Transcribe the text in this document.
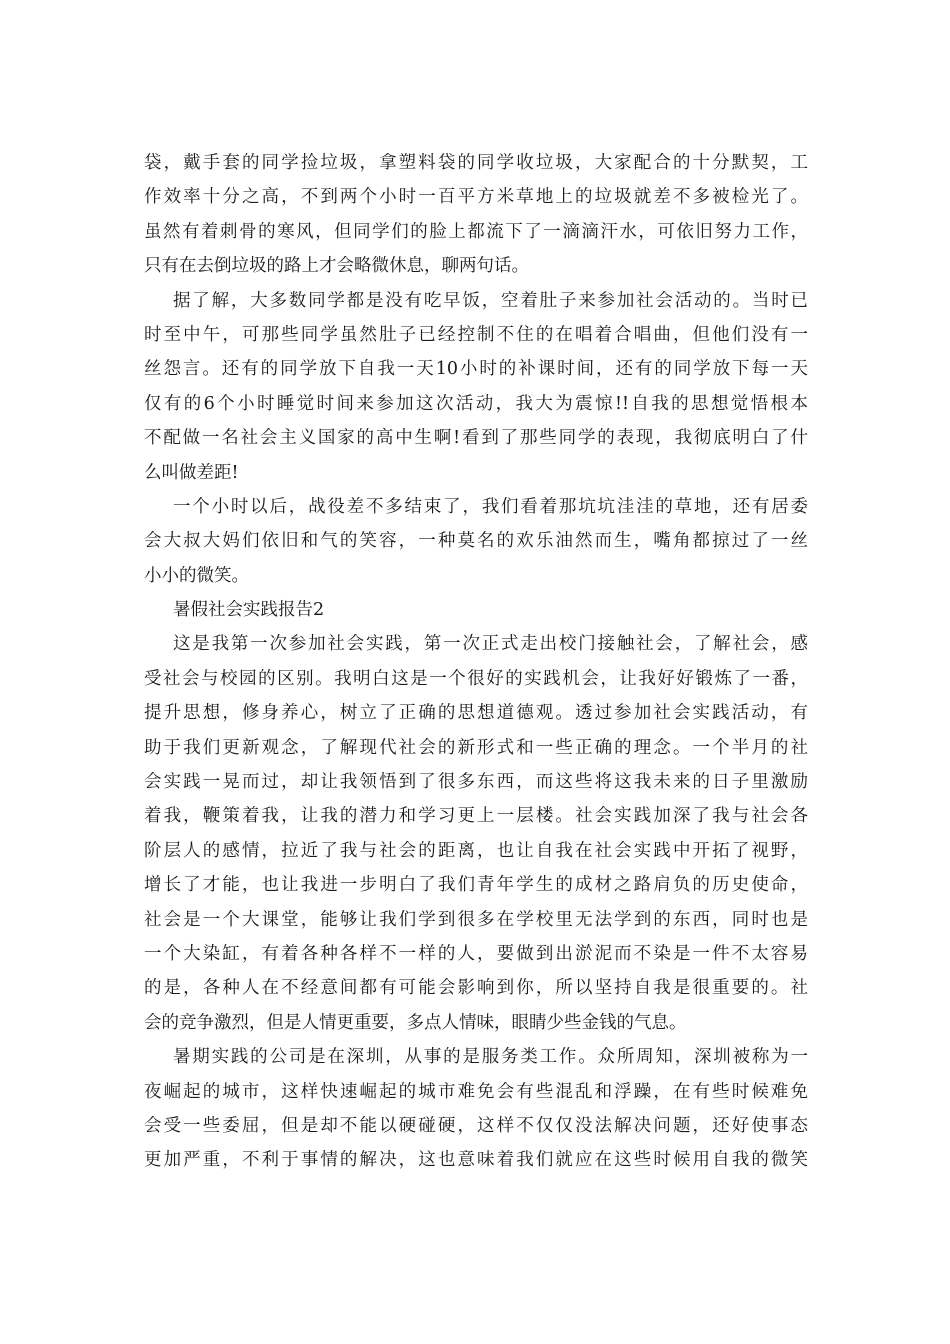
袋，戴手套的同学捡垃圾，拿塑料袋的同学收垃圾，大家配合的十分默契，工
作效率十分之高，不到两个小时一百平方米草地上的垃圾就差不多被检光了。
虽然有着刺骨的寒风，但同学们的脸上都流下了一滴滴汗水，可依旧努力工作，
只有在去倒垃圾的路上才会略微休息，聊两句话。
据了解，大多数同学都是没有吃早饭，空着肚子来参加社会活动的。当时已
时至中午，可那些同学虽然肚子已经控制不住的在唱着合唱曲，但他们没有一
丝怨言。还有的同学放下自我一天10小时的补课时间，还有的同学放下每一天
仅有的6个小时睡觉时间来参加这次活动，我大为震惊!!自我的思想觉悟根本
不配做一名社会主义国家的高中生啊!看到了那些同学的表现，我彻底明白了什
么叫做差距!
一个小时以后，战役差不多结束了，我们看着那坑坑洼洼的草地，还有居委
会大叔大妈们依旧和气的笑容，一种莫名的欢乐油然而生，嘴角都掠过了一丝
小小的微笑。
暑假社会实践报告2
这是我第一次参加社会实践，第一次正式走出校门接触社会，了解社会，感
受社会与校园的区别。我明白这是一个很好的实践机会，让我好好锻炼了一番，
提升思想，修身养心，树立了正确的思想道德观。透过参加社会实践活动，有
助于我们更新观念，了解现代社会的新形式和一些正确的理念。一个半月的社
会实践一晃而过，却让我领悟到了很多东西，而这些将这我未来的日子里激励
着我，鞭策着我，让我的潜力和学习更上一层楼。社会实践加深了我与社会各
阶层人的感情，拉近了我与社会的距离，也让自我在社会实践中开拓了视野，
增长了才能，也让我进一步明白了我们青年学生的成材之路肩负的历史使命，
社会是一个大课堂，能够让我们学到很多在学校里无法学到的东西，同时也是
一个大染缸，有着各种各样不一样的人，要做到出淤泥而不染是一件不太容易
的是，各种人在不经意间都有可能会影响到你，所以坚持自我是很重要的。社
会的竞争激烈，但是人情更重要，多点人情味，眼睛少些金钱的气息。
暑期实践的公司是在深圳，从事的是服务类工作。众所周知，深圳被称为一
夜崛起的城市，这样快速崛起的城市难免会有些混乱和浮躁，在有些时候难免
会受一些委屈，但是却不能以硬碰硬，这样不仅仅没法解决问题，还好使事态
更加严重，不利于事情的解决，这也意味着我们就应在这些时候用自我的微笑
